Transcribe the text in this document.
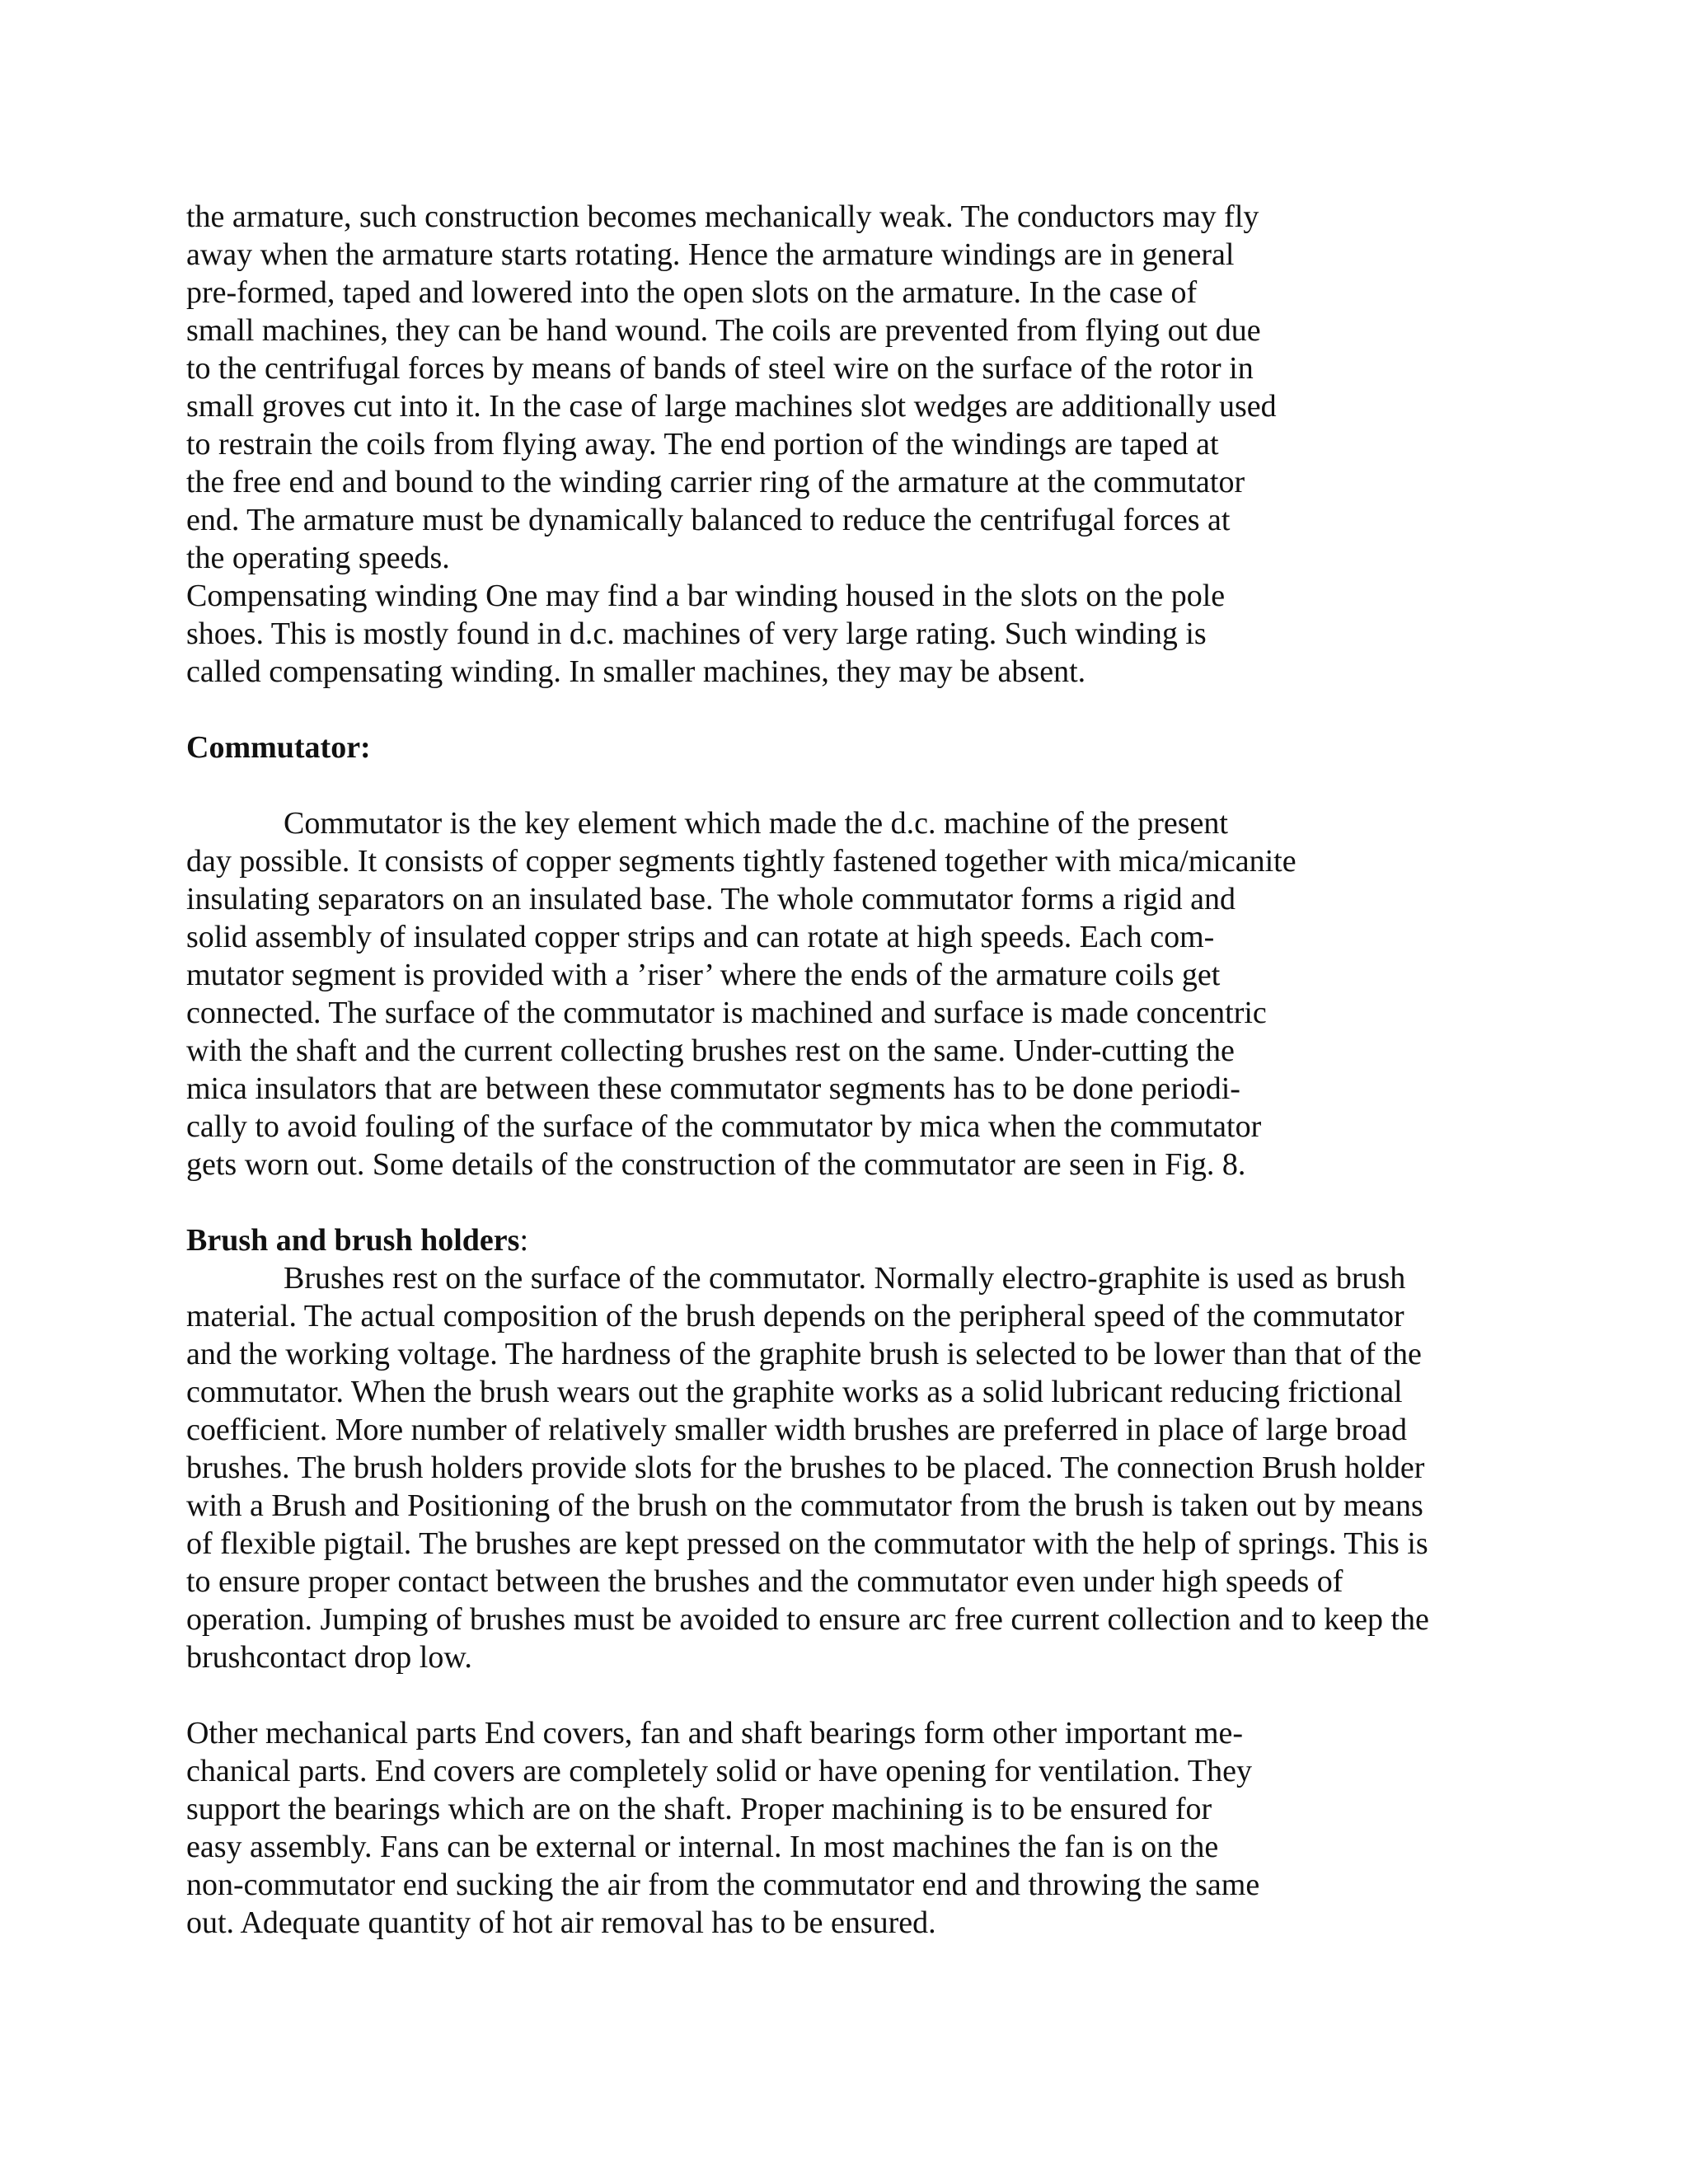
the armature, such construction becomes mechanically weak. The conductors may fly
away when the armature starts rotating. Hence the armature windings are in general
pre-formed, taped and lowered into the open slots on the armature. In the case of
small machines, they can be hand wound. The coils are prevented from flying out due
to the centrifugal forces by means of bands of steel wire on the surface of the rotor in
small groves cut into it. In the case of large machines slot wedges are additionally used
to restrain the coils from flying away. The end portion of the windings are taped at
the free end and bound to the winding carrier ring of the armature at the commutator
end. The armature must be dynamically balanced to reduce the centrifugal forces at
the operating speeds.
Compensating winding One may find a bar winding housed in the slots on the pole
shoes. This is mostly found in d.c. machines of very large rating. Such winding is
called compensating winding. In smaller machines, they may be absent.
Commutator:
Commutator is the key element which made the d.c. machine of the present
day possible. It consists of copper segments tightly fastened together with mica/micanite
insulating separators on an insulated base. The whole commutator forms a rigid and
solid assembly of insulated copper strips and can rotate at high speeds. Each com-
mutator segment is provided with a ’riser’ where the ends of the armature coils get
connected. The surface of the commutator is machined and surface is made concentric
with the shaft and the current collecting brushes rest on the same. Under-cutting the
mica insulators that are between these commutator segments has to be done periodi-
cally to avoid fouling of the surface of the commutator by mica when the commutator
gets worn out. Some details of the construction of the commutator are seen in Fig. 8.
Brush and brush holders:
Brushes rest on the surface of the commutator. Normally electro-graphite is used as brush
material. The actual composition of the brush depends on the peripheral speed of the commutator
and the working voltage. The hardness of the graphite brush is selected to be lower than that of the
commutator. When the brush wears out the graphite works as a solid lubricant reducing frictional
coefficient. More number of relatively smaller width brushes are preferred in place of large broad
brushes. The brush holders provide slots for the brushes to be placed. The connection Brush holder
with a Brush and Positioning of the brush on the commutator from the brush is taken out by means
of flexible pigtail. The brushes are kept pressed on the commutator with the help of springs. This is
to ensure proper contact between the brushes and the commutator even under high speeds of
operation. Jumping of brushes must be avoided to ensure arc free current collection and to keep the
brushcontact drop low.
Other mechanical parts End covers, fan and shaft bearings form other important me-
chanical parts. End covers are completely solid or have opening for ventilation. They
support the bearings which are on the shaft. Proper machining is to be ensured for
easy assembly. Fans can be external or internal. In most machines the fan is on the
non-commutator end sucking the air from the commutator end and throwing the same
out. Adequate quantity of hot air removal has to be ensured.
